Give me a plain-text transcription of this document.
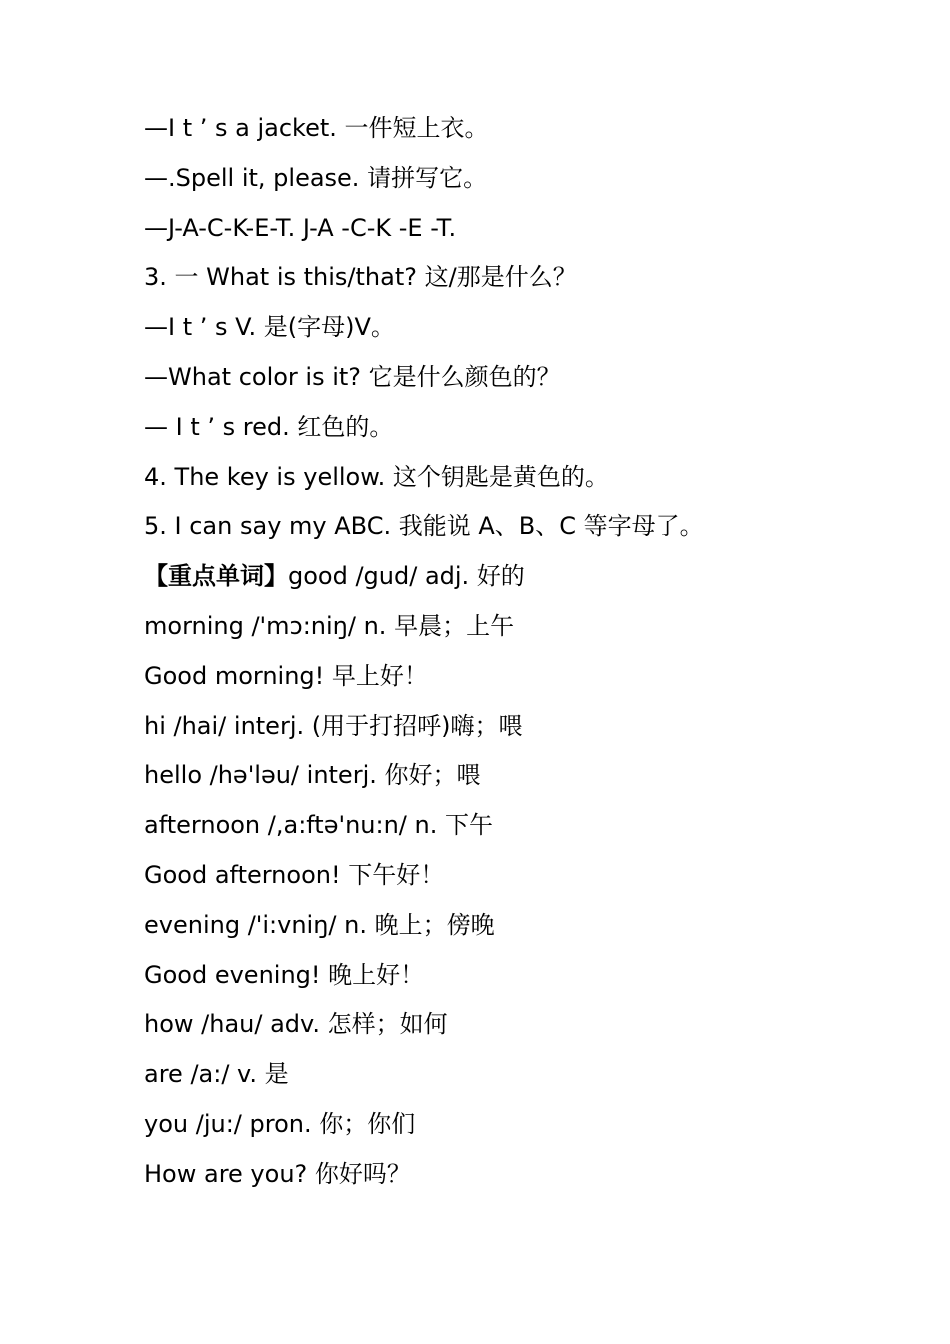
—I t ’ s a jacket. 一件短上衣。
—.Spell it, please. 请拼写它。
—J-A-C-K-E-T. J-A -C-K -E -T.
3. 一 What is this/that? 这/那是什么？
—I t ’ s V. 是(字母)V。
—What color is it? 它是什么颜色的？
— I t ’ s red. 红色的。
4. The key is yellow. 这个钥匙是黄色的。
5. I can say my ABC. 我能说 A、B、C 等字母了。
【重点单词】good /gud/ adj. 好的
morning /'mɔ:niŋ/ n. 早晨；上午
Good morning! 早上好！
hi /hai/ interj. (用于打招呼)嗨；喂
hello /hə'ləu/ interj. 你好；喂
afternoon /,a:ftə'nu:n/ n. 下午
Good afternoon! 下午好！
evening /'i:vniŋ/ n. 晚上；傍晚
Good evening! 晚上好！
how /hau/ adv. 怎样；如何
are /a:/ v. 是
you /ju:/ pron. 你；你们
How are you? 你好吗？
